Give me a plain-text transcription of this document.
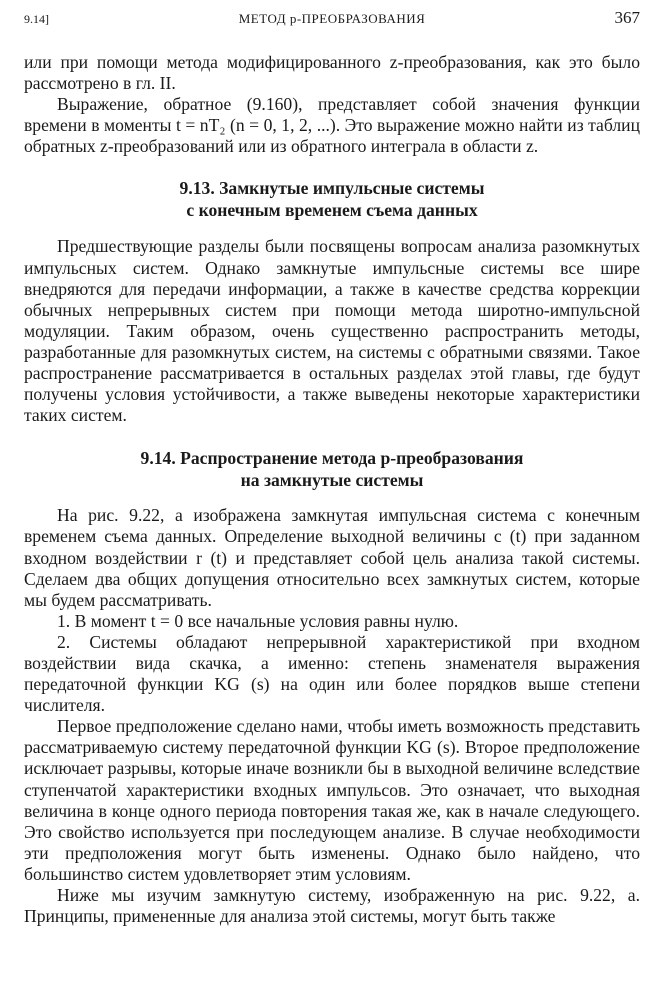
9.14]	МЕТОД p-ПРЕОБРАЗОВАНИЯ	367

или при помощи метода модифицированного z-преобразования, как это было рассмотрено в гл. II.

Выражение, обратное (9.160), представляет собой значения функции времени в моменты t = nT₂ (n = 0, 1, 2, ...). Это выражение можно найти из таблиц обратных z-преобразований или из обратного интеграла в области z.

9.13. Замкнутые импульсные системы
с конечным временем съема данных

Предшествующие разделы были посвящены вопросам анализа разомкнутых импульсных систем. Однако замкнутые импульсные системы все шире внедряются для передачи информации, а также в качестве средства коррекции обычных непрерывных систем при помощи метода широтно-импульсной модуляции. Таким образом, очень существенно распространить методы, разработанные для разомкнутых систем, на системы с обратными связями. Такое распространение рассматривается в остальных разделах этой главы, где будут получены условия устойчивости, а также выведены некоторые характеристики таких систем.

9.14. Распространение метода p-преобразования
на замкнутые системы

На рис. 9.22, а изображена замкнутая импульсная система с конечным временем съема данных. Определение выходной величины c (t) при заданном входном воздействии r (t) и представляет собой цель анализа такой системы. Сделаем два общих допущения относительно всех замкнутых систем, которые мы будем рассматривать.

1. В момент t = 0 все начальные условия равны нулю.

2. Системы обладают непрерывной характеристикой при входном воздействии вида скачка, а именно: степень знаменателя выражения передаточной функции KG (s) на один или более порядков выше степени числителя.

Первое предположение сделано нами, чтобы иметь возможность представить рассматриваемую систему передаточной функции KG (s). Второе предположение исключает разрывы, которые иначе возникли бы в выходной величине вследствие ступенчатой характеристики входных импульсов. Это означает, что выходная величина в конце одного периода повторения такая же, как в начале следующего. Это свойство используется при последующем анализе. В случае необходимости эти предположения могут быть изменены. Однако было найдено, что большинство систем удовлетворяет этим условиям.

Ниже мы изучим замкнутую систему, изображенную на рис. 9.22, а. Принципы, примененные для анализа этой системы, могут быть также
